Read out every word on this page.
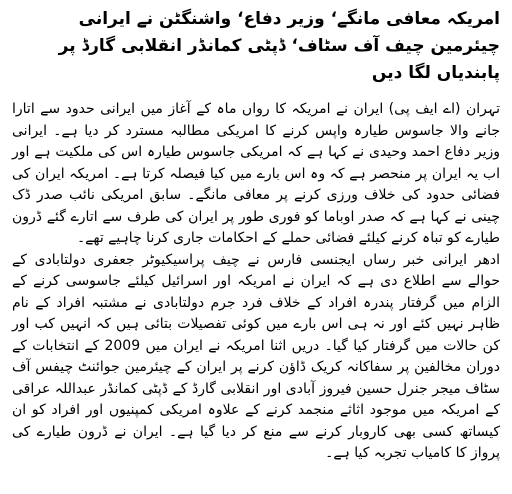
امریکہ معافی مانگے‘ وزیر دفاع‘ واشنگٹن نے ایرانی چیئرمین چیف آف سٹاف‘ ڈپٹی کمانڈر انقلابی گارڈ پر
پابندیاں لگا دیں

تہران (اے ایف پی) ایران نے امریکہ کا رواں ماہ کے آغاز میں ایرانی حدود سے اتارا جانے والا جاسوس طیارہ واپس کرنے کا امریکی مطالبہ مسترد کر دیا ہے۔ ایرانی وزیر دفاع احمد وحیدی نے کہا ہے کہ امریکی جاسوس طیارہ اس کی ملکیت ہے اور اب یہ ایران پر منحصر ہے کہ وہ اس بارے میں کیا فیصلہ کرتا ہے۔ امریکہ ایران کی فضائی حدود کی خلاف ورزی کرنے پر معافی مانگے۔ سابق امریکی نائب صدر ڈک چینی نے کہا ہے کہ صدر اوباما کو فوری طور پر ایران کی طرف سے اتارے گئے ڈرون طیارے کو تباہ کرنے کیلئے فضائی حملے کے احکامات جاری کرنا چاہیے تھے۔
ادھر ایرانی خبر رساں ایجنسی فارس نے چیف پراسیکیوٹر جعفری دولتابادی کے حوالے سے اطلاع دی ہے کہ ایران نے امریکہ اور اسرائیل کیلئے جاسوسی کرنے کے الزام میں گرفتار پندرہ افراد کے خلاف فرد جرم دولتابادی نے مشتبہ افراد کے نام ظاہر نہیں کئے اور نہ ہی اس بارے میں کوئی تفصیلات بتائی ہیں کہ انہیں کب اور کن حالات میں گرفتار کیا گیا۔ دریں اثنا امریکہ نے ایران میں 2009 کے انتخابات کے دوران مخالفین پر سفاکانہ کریک ڈاؤن کرنے پر ایران کے چیئرمین جوائنٹ چیفس آف سٹاف میجر جنرل حسین فیروز آبادی اور انقلابی گارڈ کے ڈپٹی کمانڈر عبداللہ عراقی کے امریکہ میں موجود اثاثے منجمد کرنے کے علاوہ امریکی کمپنیوں اور افراد کو ان کیساتھ کسی بھی کاروبار کرنے سے منع کر دیا گیا ہے۔ ایران نے ڈرون طیارے کی پرواز کا کامیاب تجربہ کیا ہے۔
